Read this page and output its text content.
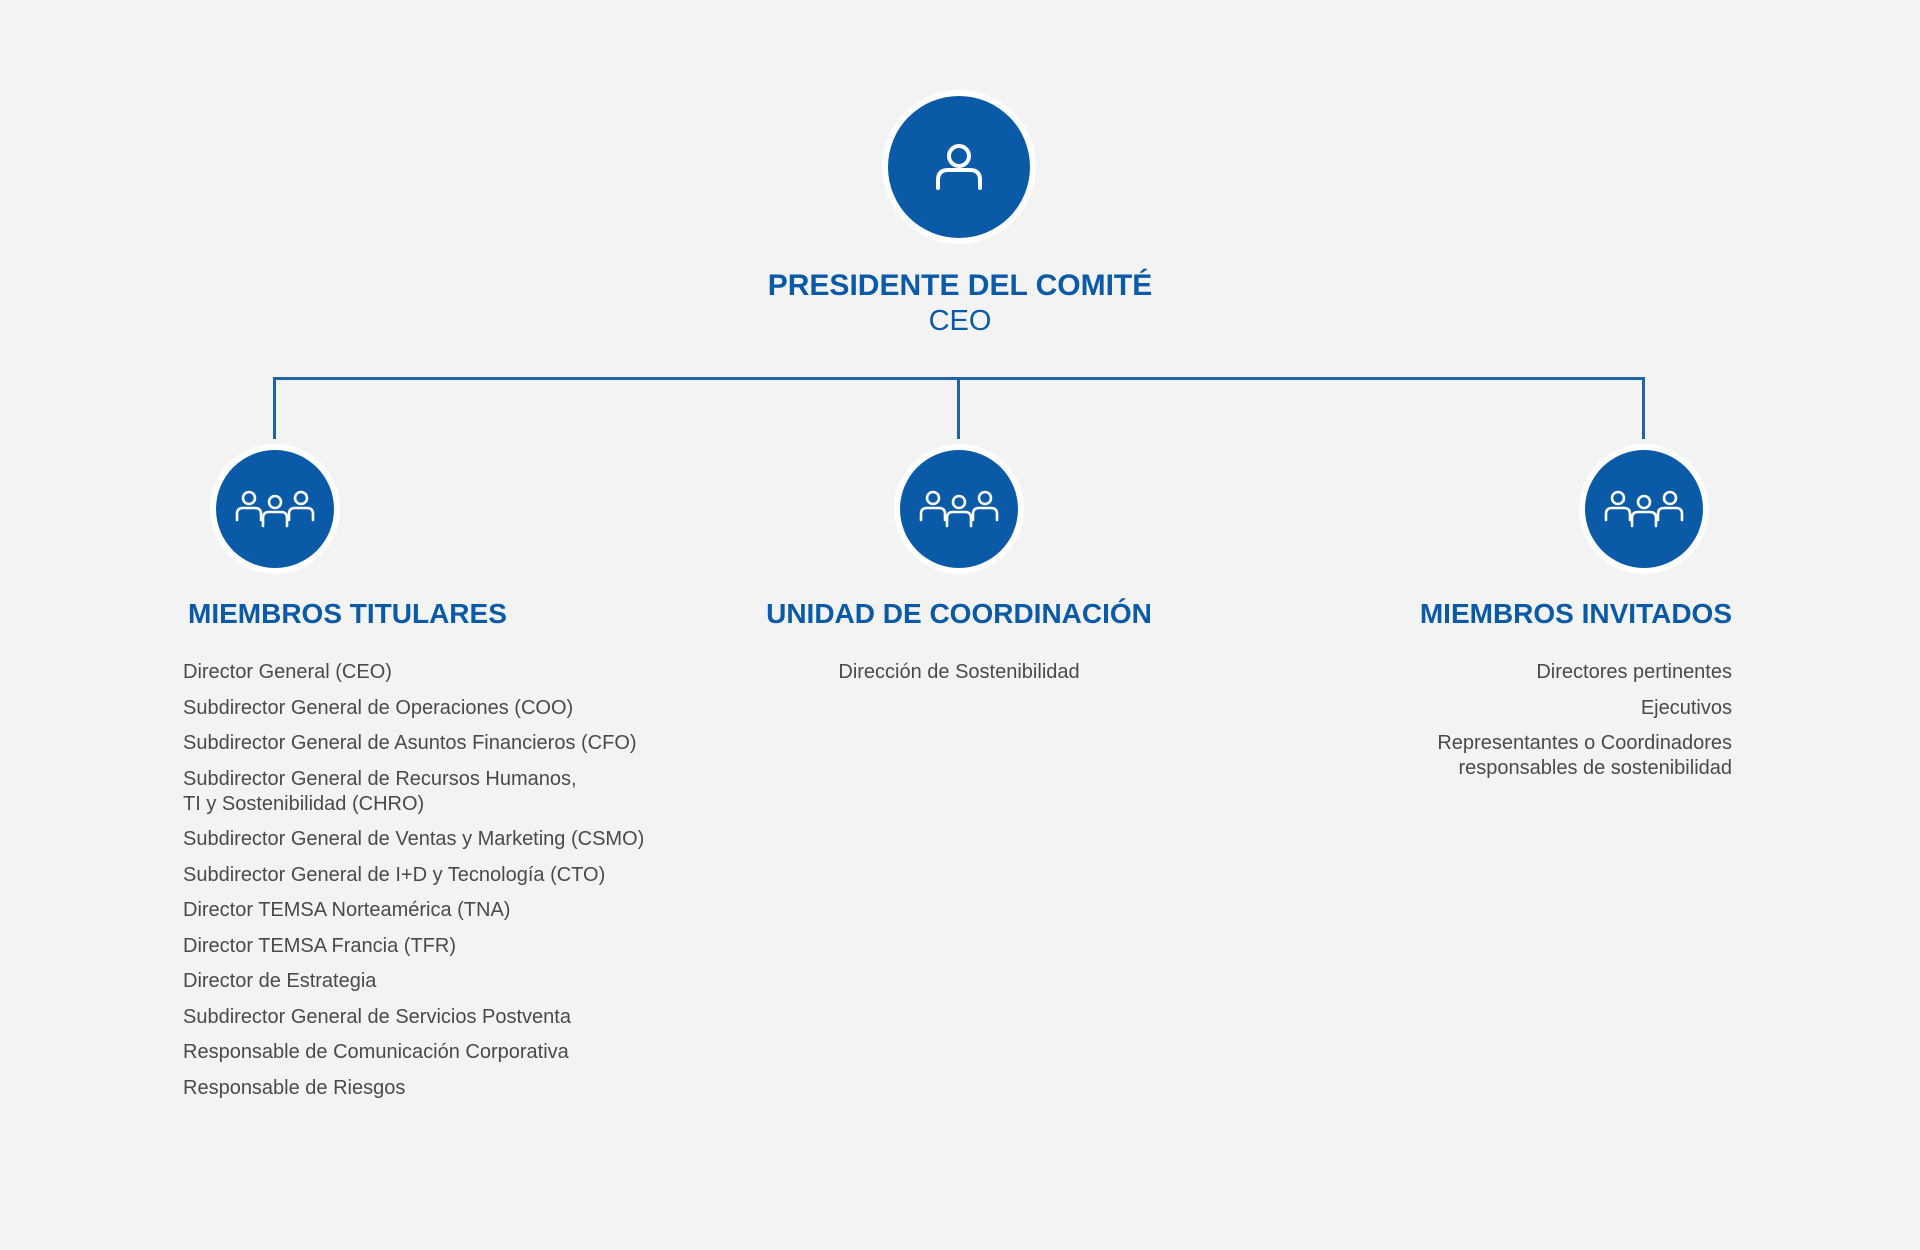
PRESIDENTE DEL COMITÉ
CEO
MIEMBROS TITULARES
Director General (CEO)
Subdirector General de Operaciones (COO)
Subdirector General de Asuntos Financieros (CFO)
Subdirector General de Recursos Humanos,
TI y Sostenibilidad (CHRO)
Subdirector General de Ventas y Marketing (CSMO)
Subdirector General de I+D y Tecnología (CTO)
Director TEMSA Norteamérica (TNA)
Director TEMSA Francia (TFR)
Director de Estrategia
Subdirector General de Servicios Postventa
Responsable de Comunicación Corporativa
Responsable de Riesgos
UNIDAD DE COORDINACIÓN
Dirección de Sostenibilidad
MIEMBROS INVITADOS
Directores pertinentes
Ejecutivos
Representantes o Coordinadores
responsables de sostenibilidad
